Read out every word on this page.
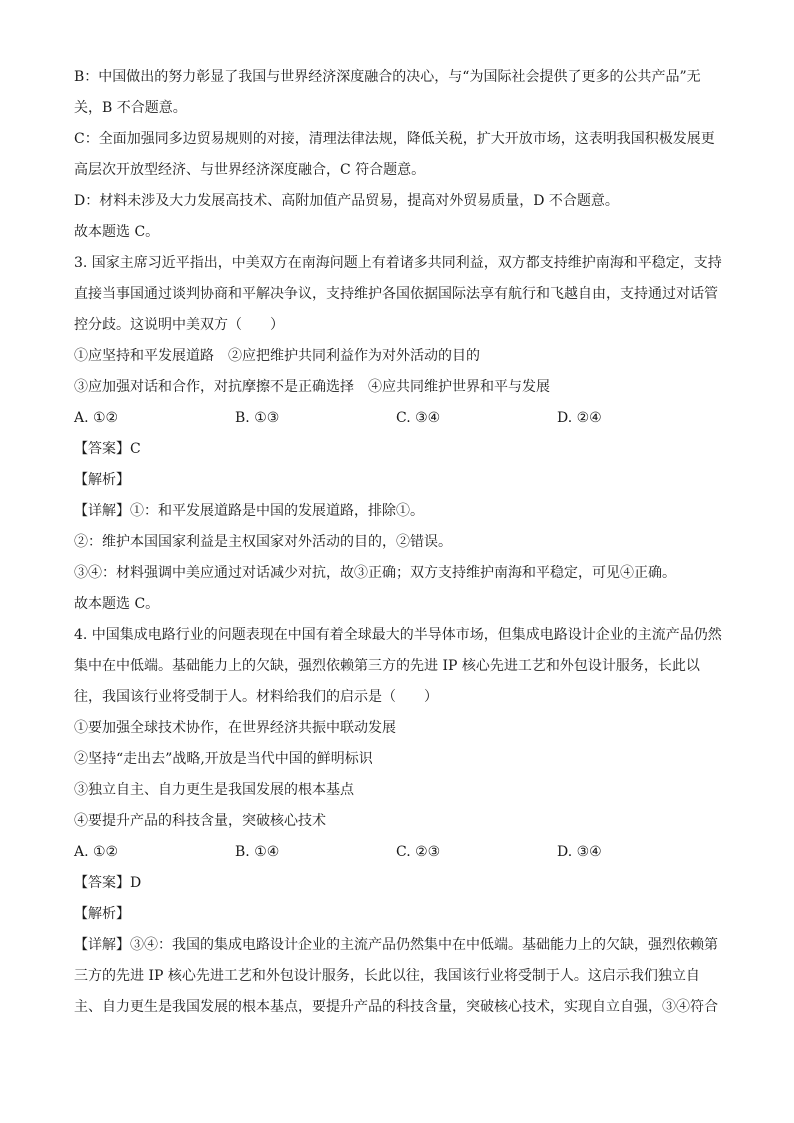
B：中国做出的努力彰显了我国与世界经济深度融合的决心，与“为国际社会提供了更多的公共产品”无
关，B 不合题意。
C：全面加强同多边贸易规则的对接，清理法律法规，降低关税，扩大开放市场，这表明我国积极发展更
高层次开放型经济、与世界经济深度融合，C 符合题意。
D：材料未涉及大力发展高技术、高附加值产品贸易，提高对外贸易质量，D 不合题意。
故本题选 C。
3. 国家主席习近平指出，中美双方在南海问题上有着诸多共同利益，双方都支持维护南海和平稳定，支持
直接当事国通过谈判协商和平解决争议，支持维护各国依据国际法享有航行和飞越自由，支持通过对话管
控分歧。这说明中美双方（　　）
①应坚持和平发展道路　②应把维护共同利益作为对外活动的目的
③应加强对话和合作，对抗摩擦不是正确选择　④应共同维护世界和平与发展
A. ①②	B. ①③	C. ③④	D. ②④
【答案】C
【解析】
【详解】①：和平发展道路是中国的发展道路，排除①。
②：维护本国国家利益是主权国家对外活动的目的，②错误。
③④：材料强调中美应通过对话减少对抗，故③正确；双方支持维护南海和平稳定，可见④正确。
故本题选 C。
4. 中国集成电路行业的问题表现在中国有着全球最大的半导体市场，但集成电路设计企业的主流产品仍然
集中在中低端。基础能力上的欠缺，强烈依赖第三方的先进 IP 核心先进工艺和外包设计服务，长此以
往，我国该行业将受制于人。材料给我们的启示是（　　）
①要加强全球技术协作，在世界经济共振中联动发展
②坚持“走出去”战略,开放是当代中国的鲜明标识
③独立自主、自力更生是我国发展的根本基点
④要提升产品的科技含量，突破核心技术
A. ①②	B. ①④	C. ②③	D. ③④
【答案】D
【解析】
【详解】③④：我国的集成电路设计企业的主流产品仍然集中在中低端。基础能力上的欠缺，强烈依赖第
三方的先进 IP 核心先进工艺和外包设计服务，长此以往，我国该行业将受制于人。这启示我们独立自
主、自力更生是我国发展的根本基点，要提升产品的科技含量，突破核心技术，实现自立自强，③④符合
